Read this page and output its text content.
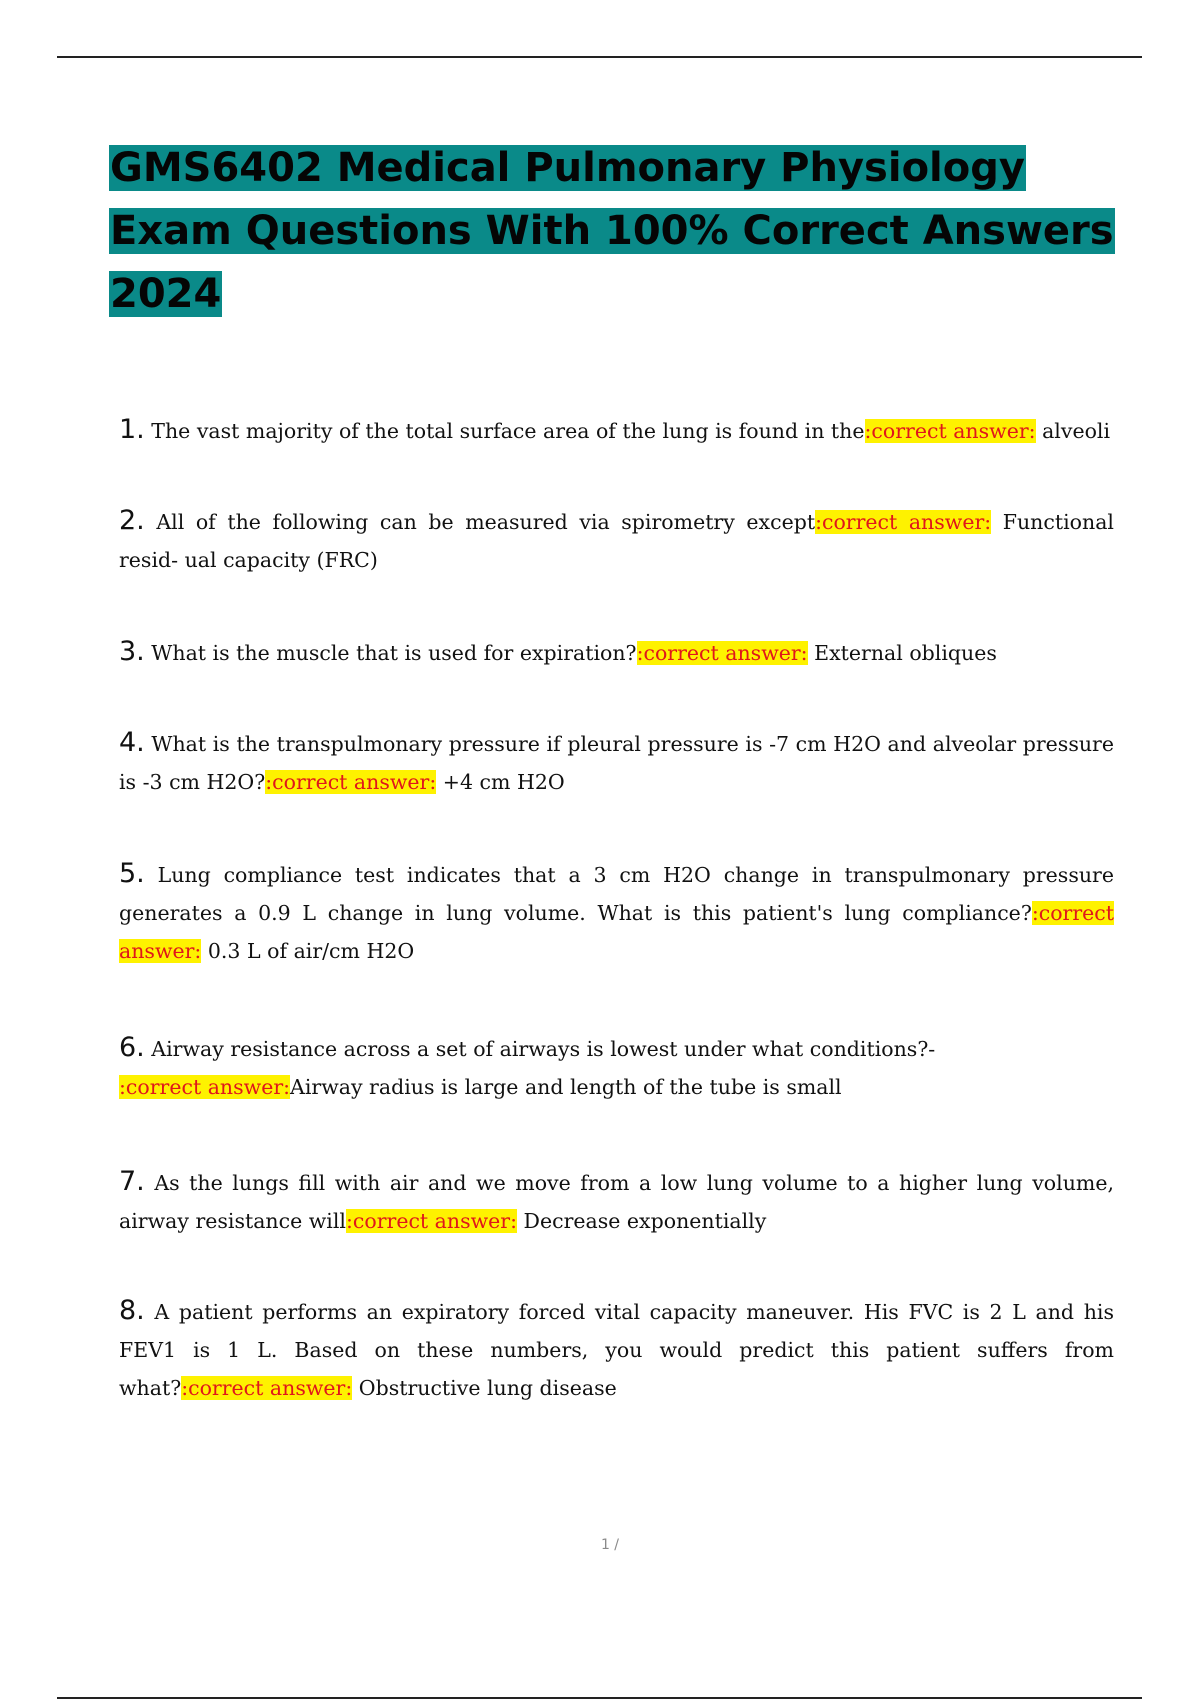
GMS6402 Medical Pulmonary Physiology
Exam Questions With 100% Correct Answers
2024

1. The vast majority of the total surface area of the lung is found in the:correct answer: alveoli

2. All of the following can be measured via spirometry except:correct answer: Functional resid- ual capacity (FRC)

3. What is the muscle that is used for expiration?:correct answer: External obliques

4. What is the transpulmonary pressure if pleural pressure is -7 cm H2O and alveolar pressure is -3 cm H2O?:correct answer: +4 cm H2O

5. Lung compliance test indicates that a 3 cm H2O change in transpulmonary pressure generates a 0.9 L change in lung volume. What is this patient's lung compliance?:correct answer: 0.3 L of air/cm H2O

6. Airway resistance across a set of airways is lowest under what conditions?-
:correct answer:Airway radius is large and length of the tube is small

7. As the lungs fill with air and we move from a low lung volume to a higher lung volume, airway resistance will:correct answer: Decrease exponentially

8. A patient performs an expiratory forced vital capacity maneuver. His FVC is 2 L and his FEV1 is 1 L. Based on these numbers, you would predict this patient suffers from what?:correct answer: Obstructive lung disease

1 /
